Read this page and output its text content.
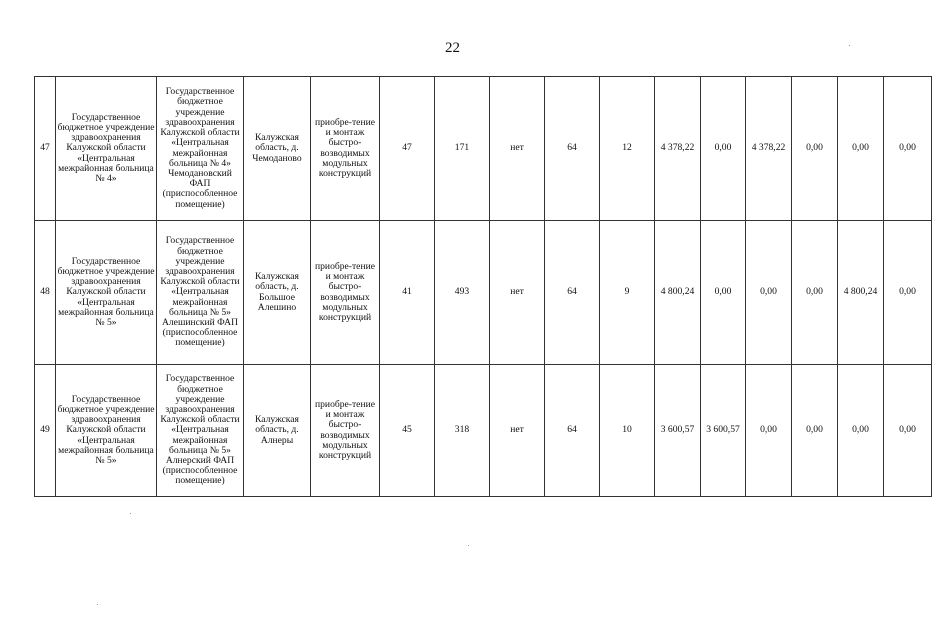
22
47	Государственное бюджетное учреждение здравоохранения Калужской области «Центральная межрайонная больница № 4»	Государственное бюджетное учреждение здравоохранения Калужской области «Центральная межрайонная больница № 4» Чемодановский ФАП (приспособленное помещение)	Калужская область, д. Чемоданово	приобре-тение и монтаж быстро-возводимых модульных конструкций	47	171	нет	64	12	4 378,22	0,00	4 378,22	0,00	0,00	0,00
48	Государственное бюджетное учреждение здравоохранения Калужской области «Центральная межрайонная больница № 5»	Государственное бюджетное учреждение здравоохранения Калужской области «Центральная межрайонная больница № 5» Алешинский ФАП (приспособленное помещение)	Калужская область, д. Большое Алешино	приобре-тение и монтаж быстро-возводимых модульных конструкций	41	493	нет	64	9	4 800,24	0,00	0,00	0,00	4 800,24	0,00
49	Государственное бюджетное учреждение здравоохранения Калужской области «Центральная межрайонная больница № 5»	Государственное бюджетное учреждение здравоохранения Калужской области «Центральная межрайонная больница № 5» Алнерский ФАП (приспособленное помещение)	Калужская область, д. Алнеры	приобре-тение и монтаж быстро-возводимых модульных конструкций	45	318	нет	64	10	3 600,57	3 600,57	0,00	0,00	0,00	0,00
